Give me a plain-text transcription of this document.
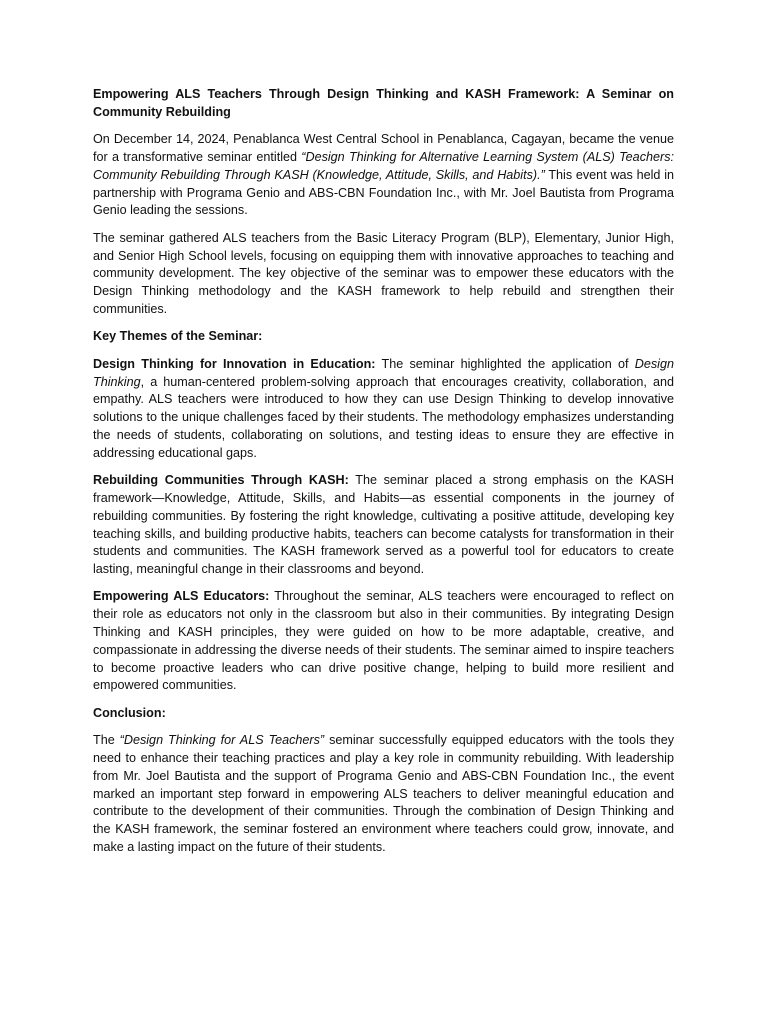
Empowering ALS Teachers Through Design Thinking and KASH Framework: A Seminar on Community Rebuilding

On December 14, 2024, Penablanca West Central School in Penablanca, Cagayan, became the venue for a transformative seminar entitled “Design Thinking for Alternative Learning System (ALS) Teachers: Community Rebuilding Through KASH (Knowledge, Attitude, Skills, and Habits).” This event was held in partnership with Programa Genio and ABS-CBN Foundation Inc., with Mr. Joel Bautista from Programa Genio leading the sessions.

The seminar gathered ALS teachers from the Basic Literacy Program (BLP), Elementary, Junior High, and Senior High School levels, focusing on equipping them with innovative approaches to teaching and community development. The key objective of the seminar was to empower these educators with the Design Thinking methodology and the KASH framework to help rebuild and strengthen their communities.

Key Themes of the Seminar:

Design Thinking for Innovation in Education: The seminar highlighted the application of Design Thinking, a human-centered problem-solving approach that encourages creativity, collaboration, and empathy. ALS teachers were introduced to how they can use Design Thinking to develop innovative solutions to the unique challenges faced by their students. The methodology emphasizes understanding the needs of students, collaborating on solutions, and testing ideas to ensure they are effective in addressing educational gaps.

Rebuilding Communities Through KASH: The seminar placed a strong emphasis on the KASH framework—Knowledge, Attitude, Skills, and Habits—as essential components in the journey of rebuilding communities. By fostering the right knowledge, cultivating a positive attitude, developing key teaching skills, and building productive habits, teachers can become catalysts for transformation in their students and communities. The KASH framework served as a powerful tool for educators to create lasting, meaningful change in their classrooms and beyond.

Empowering ALS Educators: Throughout the seminar, ALS teachers were encouraged to reflect on their role as educators not only in the classroom but also in their communities. By integrating Design Thinking and KASH principles, they were guided on how to be more adaptable, creative, and compassionate in addressing the diverse needs of their students. The seminar aimed to inspire teachers to become proactive leaders who can drive positive change, helping to build more resilient and empowered communities.

Conclusion:

The “Design Thinking for ALS Teachers” seminar successfully equipped educators with the tools they need to enhance their teaching practices and play a key role in community rebuilding. With leadership from Mr. Joel Bautista and the support of Programa Genio and ABS-CBN Foundation Inc., the event marked an important step forward in empowering ALS teachers to deliver meaningful education and contribute to the development of their communities. Through the combination of Design Thinking and the KASH framework, the seminar fostered an environment where teachers could grow, innovate, and make a lasting impact on the future of their students.
